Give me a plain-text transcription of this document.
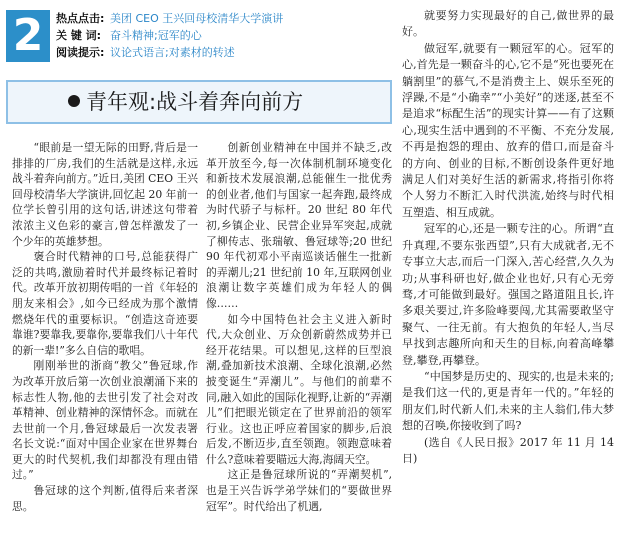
2	热点点击: 美团 CEO 王兴回母校清华大学演讲
关 键 词: 奋斗精神;冠军的心
阅读提示: 议论式语言;对素材的转述
青年观:战斗着奔向前方

“眼前是一望无际的田野,背后是一排排的厂房,我们的生活就是这样,永远战斗着奔向前方。”近日,美团 CEO 王兴回母校清华大学演讲,回忆起 20 年前一位学长曾引用的这句话,讲述这句带着浓浓主义色彩的豪言,曾怎样激发了一个少年的英雄梦想。

褒合时代精神的口号,总能获得广泛的共鸣,激励着时代并最终标记着时代。改革开放初期传唱的一首《年轻的朋友来相会》,如今已经成为那个激情燃烧年代的重要标识。“创造这奇迹要靠谁?要靠我,要靠你,要靠我们八十年代的新一辈!”多么自信的歌唱。

刚刚举世的浙商“教父”鲁冠球,作为改革开放后第一次创业浪潮涌下来的标志性人物,他的去世引发了社会对改革精神、创业精神的深情怀念。而就在去世前一个月,鲁冠球最后一次发表署名长文说:“面对中国企业家在世界舞台更大的时代契机,我们却都没有理由错过。”

鲁冠球的这个判断,值得后来者深思。

创新创业精神在中国并不缺乏,改革开放至今,每一次体制机制环境变化和新技术发展浪潮,总能催生一批优秀的创业者,他们与国家一起奔跑,最终成为时代骄子与标杆。20 世纪 80 年代初,乡镇企业、民营企业异军突起,成就了柳传志、张瑞敏、鲁冠球等;20 世纪 90 年代初邓小平南巡谈话催生一批新的弄潮儿;21 世纪前 10 年,互联网创业浪潮让数字英雄们成为年轻人的偶像……

如今中国特色社会主义进入新时代,大众创业、万众创新蔚然成势并已经开花结果。可以想见,这样的巨型浪潮,叠加新技术浪潮、全球化浪潮,必然披变诞生“弄潮儿”。与他们的前辈不同,融入如此的国际化视野,让新的“弄潮儿”们把眼光锁定在了世界前沿的领军行业。这也正呼应着国家的脚步,后浪后发,不断迈步,直至领跑。领跑意味着什么?意味着要瞄远大海,海阔天空。

这正是鲁冠球所说的“弄潮契机”,也是王兴告诉学弟学妹们的“要做世界冠军”。时代给出了机遇,

就要努力实现最好的自己,做世界的最好。

做冠军,就要有一颗冠军的心。冠军的心,首先是一颗奋斗的心,它不是“死也要死在躺割里”的慕气,不是消费主上、娱乐至死的浮躁,不是“小确幸”“小美好”的迷逐,甚至不是追求“标配生活”的现实计算——有了这颗心,现实生活中遇到的不平衡、不充分发展,不再是抱怨的理由、放弃的借口,而是奋斗的方向、创业的目标,不断创设条件更好地满足人们对美好生活的新需求,将指引你将个人努力不断汇入时代洪流,始终与时代相互塑造、相互成就。

冠军的心,还是一颗专注的心。所谓“直升真理,不要东张西望”,只有大成就者,无不专事立大志,而后一门深入,苦心经营,久久为功;从事科研也好,做企业也好,只有心无旁骛,才可能做到最好。强国之路道阻且长,许多艰关要过,许多险峰要闯,尤其需要敢坚守聚气、一往无前。有大抱负的年轻人,当尽早找到志趣所向和天生的目标,向着高峰攀登,攀登,再攀登。

“中国梦是历史的、现实的,也是未来的;是我们这一代的,更是青年一代的。”年轻的朋友们,时代新人们,未来的主人翁们,伟大梦想的召唤,你接收到了吗?

(选自《人民日报》2017 年 11 月 14 日)
